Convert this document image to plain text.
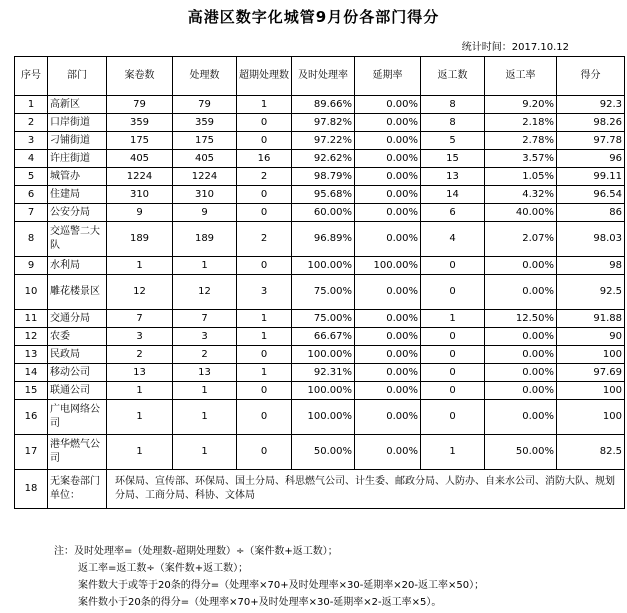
高港区数字化城管9月份各部门得分
统计时间：2017.10.12
序号	部门	案卷数	处理数	超期处理数	及时处理率	延期率	返工数	返工率	得分
1	高新区	79	79	1	89.66%	0.00%	8	9.20%	92.3
2	口岸街道	359	359	0	97.82%	0.00%	8	2.18%	98.26
3	刁铺街道	175	175	0	97.22%	0.00%	5	2.78%	97.78
4	许庄街道	405	405	16	92.62%	0.00%	15	3.57%	96
5	城管办	1224	1224	2	98.79%	0.00%	13	1.05%	99.11
6	住建局	310	310	0	95.68%	0.00%	14	4.32%	96.54
7	公安分局	9	9	0	60.00%	0.00%	6	40.00%	86
8	交巡警二大队	189	189	2	96.89%	0.00%	4	2.07%	98.03
9	水利局	1	1	0	100.00%	100.00%	0	0.00%	98
10	雕花楼景区	12	12	3	75.00%	0.00%	0	0.00%	92.5
11	交通分局	7	7	1	75.00%	0.00%	1	12.50%	91.88
12	农委	3	3	1	66.67%	0.00%	0	0.00%	90
13	民政局	2	2	0	100.00%	0.00%	0	0.00%	100
14	移动公司	13	13	1	92.31%	0.00%	0	0.00%	97.69
15	联通公司	1	1	0	100.00%	0.00%	0	0.00%	100
16	广电网络公司	1	1	0	100.00%	0.00%	0	0.00%	100
17	港华燃气公司	1	1	0	50.00%	0.00%	1	50.00%	82.5
18	无案卷部门单位：	环保局、宣传部、环保局、国土分局、科思燃气公司、计生委、邮政分局、人防办、自来水公司、消防大队、规划分局、工商分局、科协、文体局							
注：及时处理率=（处理数-超期处理数）÷（案件数+返工数）；
返工率=返工数÷（案件数+返工数）；
案件数大于或等于20条的得分=（处理率×70+及时处理率×30-延期率×20-返工率×50）；
案件数小于20条的得分=（处理率×70+及时处理率×30-延期率×2-返工率×5）。
